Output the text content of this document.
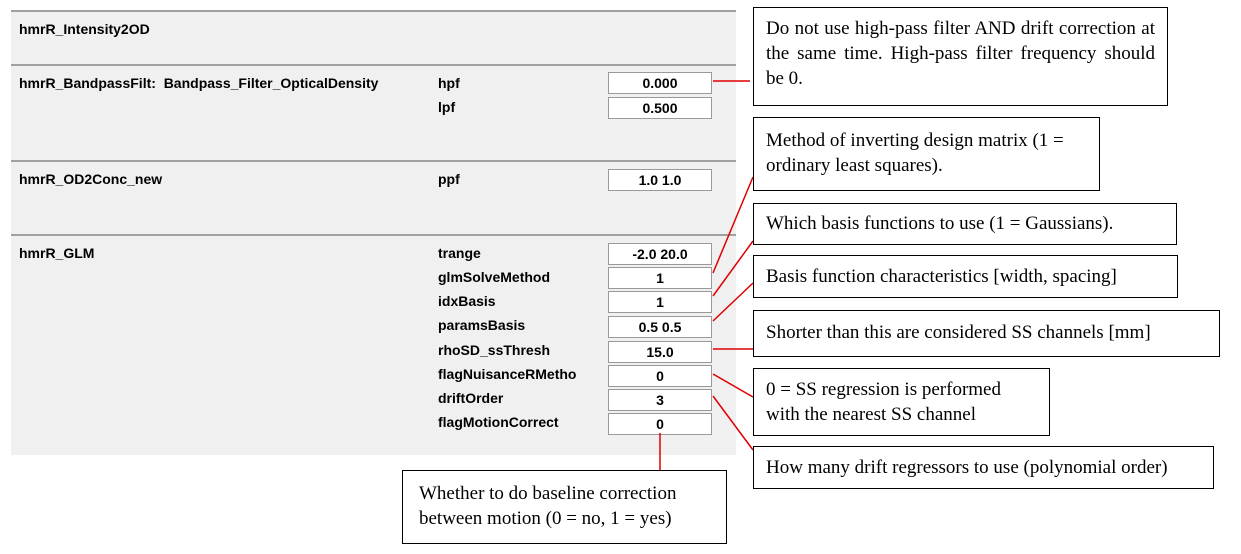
hmrR_Intensity2OD
hmrR_BandpassFilt:  Bandpass_Filter_OpticalDensity	hpf	0.000
lpf	0.500
hmrR_OD2Conc_new	ppf	1.0 1.0
hmrR_GLM	trange	-2.0 20.0
glmSolveMethod	1
idxBasis	1
paramsBasis	0.5 0.5
rhoSD_ssThresh	15.0
flagNuisanceRMetho	0
driftOrder	3
flagMotionCorrect	0
Do not use high-pass filter AND drift correction at the same time. High-pass filter frequency should be 0.
Method of inverting design matrix (1 = ordinary least squares).
Which basis functions to use (1 = Gaussians).
Basis function characteristics [width, spacing]
Shorter than this are considered SS channels [mm]
0 = SS regression is performed with the nearest SS channel
How many drift regressors to use (polynomial order)
Whether to do baseline correction between motion (0 = no, 1 = yes)
